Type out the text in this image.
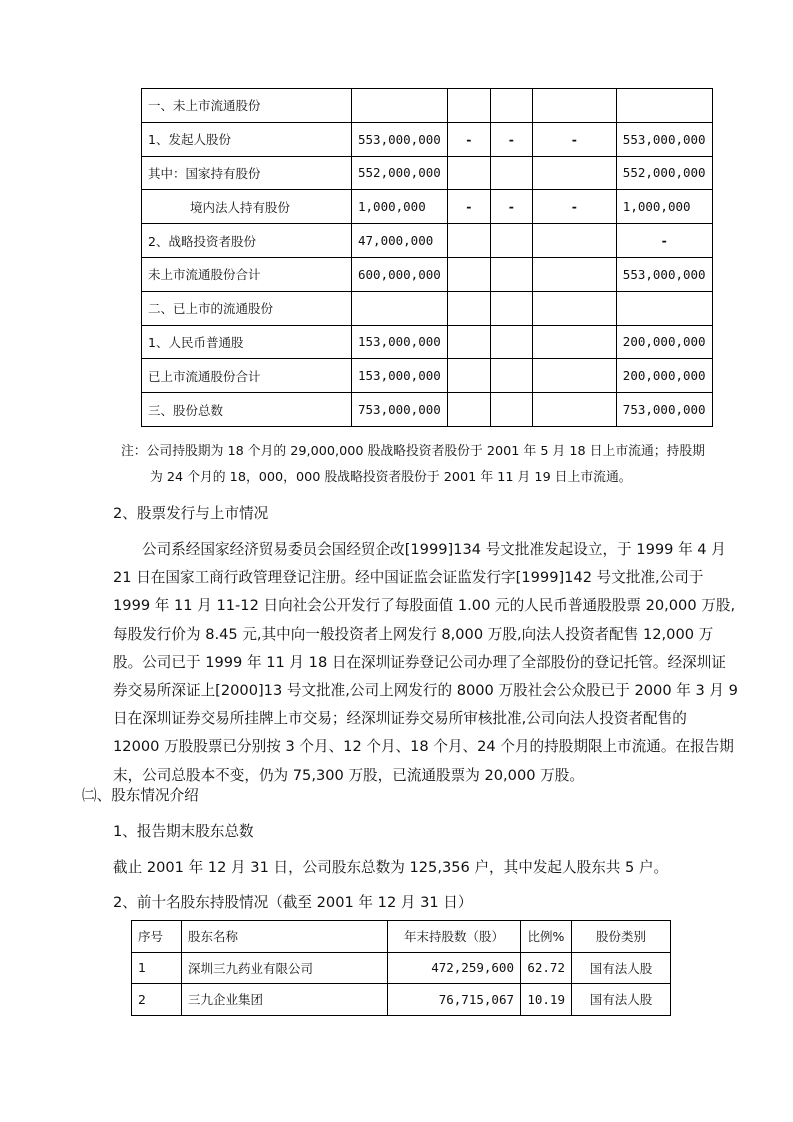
一、未上市流通股份					
1、发起人股份	553,000,000	-	-	-	553,000,000
其中：国家持有股份	552,000,000				552,000,000
境内法人持有股份	1,000,000	-	-	-	1,000,000
2、战略投资者股份	47,000,000				-
未上市流通股份合计	600,000,000				553,000,000
二、已上市的流通股份					
1、人民币普通股	153,000,000				200,000,000
已上市流通股份合计	153,000,000				200,000,000
三、股份总数	753,000,000				753,000,000
注：公司持股期为 18 个月的 29,000,000 股战略投资者股份于 2001 年 5 月 18 日上市流通；持股期
为 24 个月的 18，000，000 股战略投资者股份于 2001 年 11 月 19 日上市流通。
2、股票发行与上市情况
公司系经国家经济贸易委员会国经贸企改[1999]134 号文批准发起设立，于 1999 年 4 月
21 日在国家工商行政管理登记注册。经中国证监会证监发行字[1999]142 号文批准,公司于
1999 年 11 月 11-12 日向社会公开发行了每股面值 1.00 元的人民币普通股股票 20,000 万股,
每股发行价为 8.45 元,其中向一般投资者上网发行 8,000 万股,向法人投资者配售 12,000 万
股。公司已于 1999 年 11 月 18 日在深圳证券登记公司办理了全部股份的登记托管。经深圳证
券交易所深证上[2000]13 号文批准,公司上网发行的 8000 万股社会公众股已于 2000 年 3 月 9
日在深圳证券交易所挂牌上市交易；经深圳证券交易所审核批准,公司向法人投资者配售的
12000 万股股票已分别按 3 个月、12 个月、18 个月、24 个月的持股期限上市流通。在报告期
末，公司总股本不变，仍为 75,300 万股，已流通股票为 20,000 万股。
㈡、股东情况介绍
1、报告期末股东总数
截止 2001 年 12 月 31 日，公司股东总数为 125,356 户，其中发起人股东共 5 户。
2、前十名股东持股情况（截至 2001 年 12 月 31 日）
序号	股东名称	年末持股数（股）	比例%	股份类别
1	深圳三九药业有限公司	472,259,600	62.72	国有法人股
2	三九企业集团	76,715,067	10.19	国有法人股
